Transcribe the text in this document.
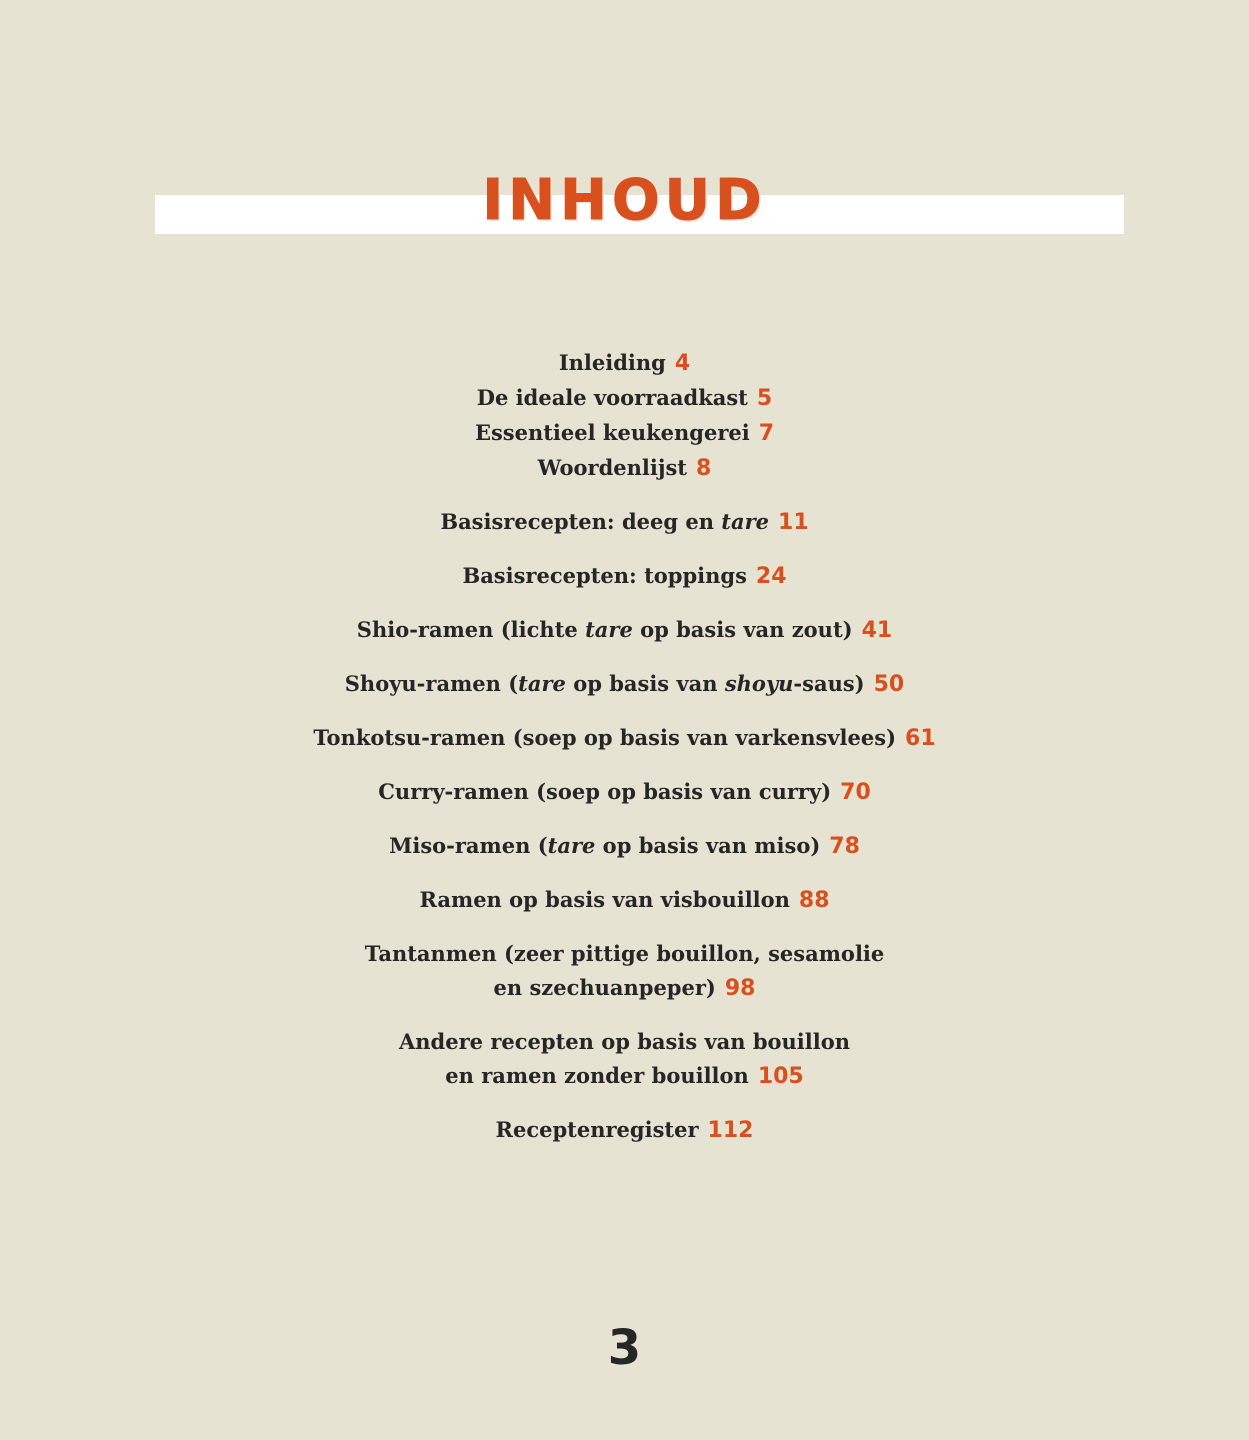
INHOUD
Inleiding 4
De ideale voorraadkast 5
Essentieel keukengerei 7
Woordenlijst 8
Basisrecepten: deeg en tare 11
Basisrecepten: toppings 24
Shio-ramen (lichte tare op basis van zout) 41
Shoyu-ramen (tare op basis van shoyu-saus) 50
Tonkotsu-ramen (soep op basis van varkensvlees) 61
Curry-ramen (soep op basis van curry) 70
Miso-ramen (tare op basis van miso) 78
Ramen op basis van visbouillon 88
Tantanmen (zeer pittige bouillon, sesamolie
en szechuanpeper) 98
Andere recepten op basis van bouillon
en ramen zonder bouillon 105
Receptenregister 112
3
